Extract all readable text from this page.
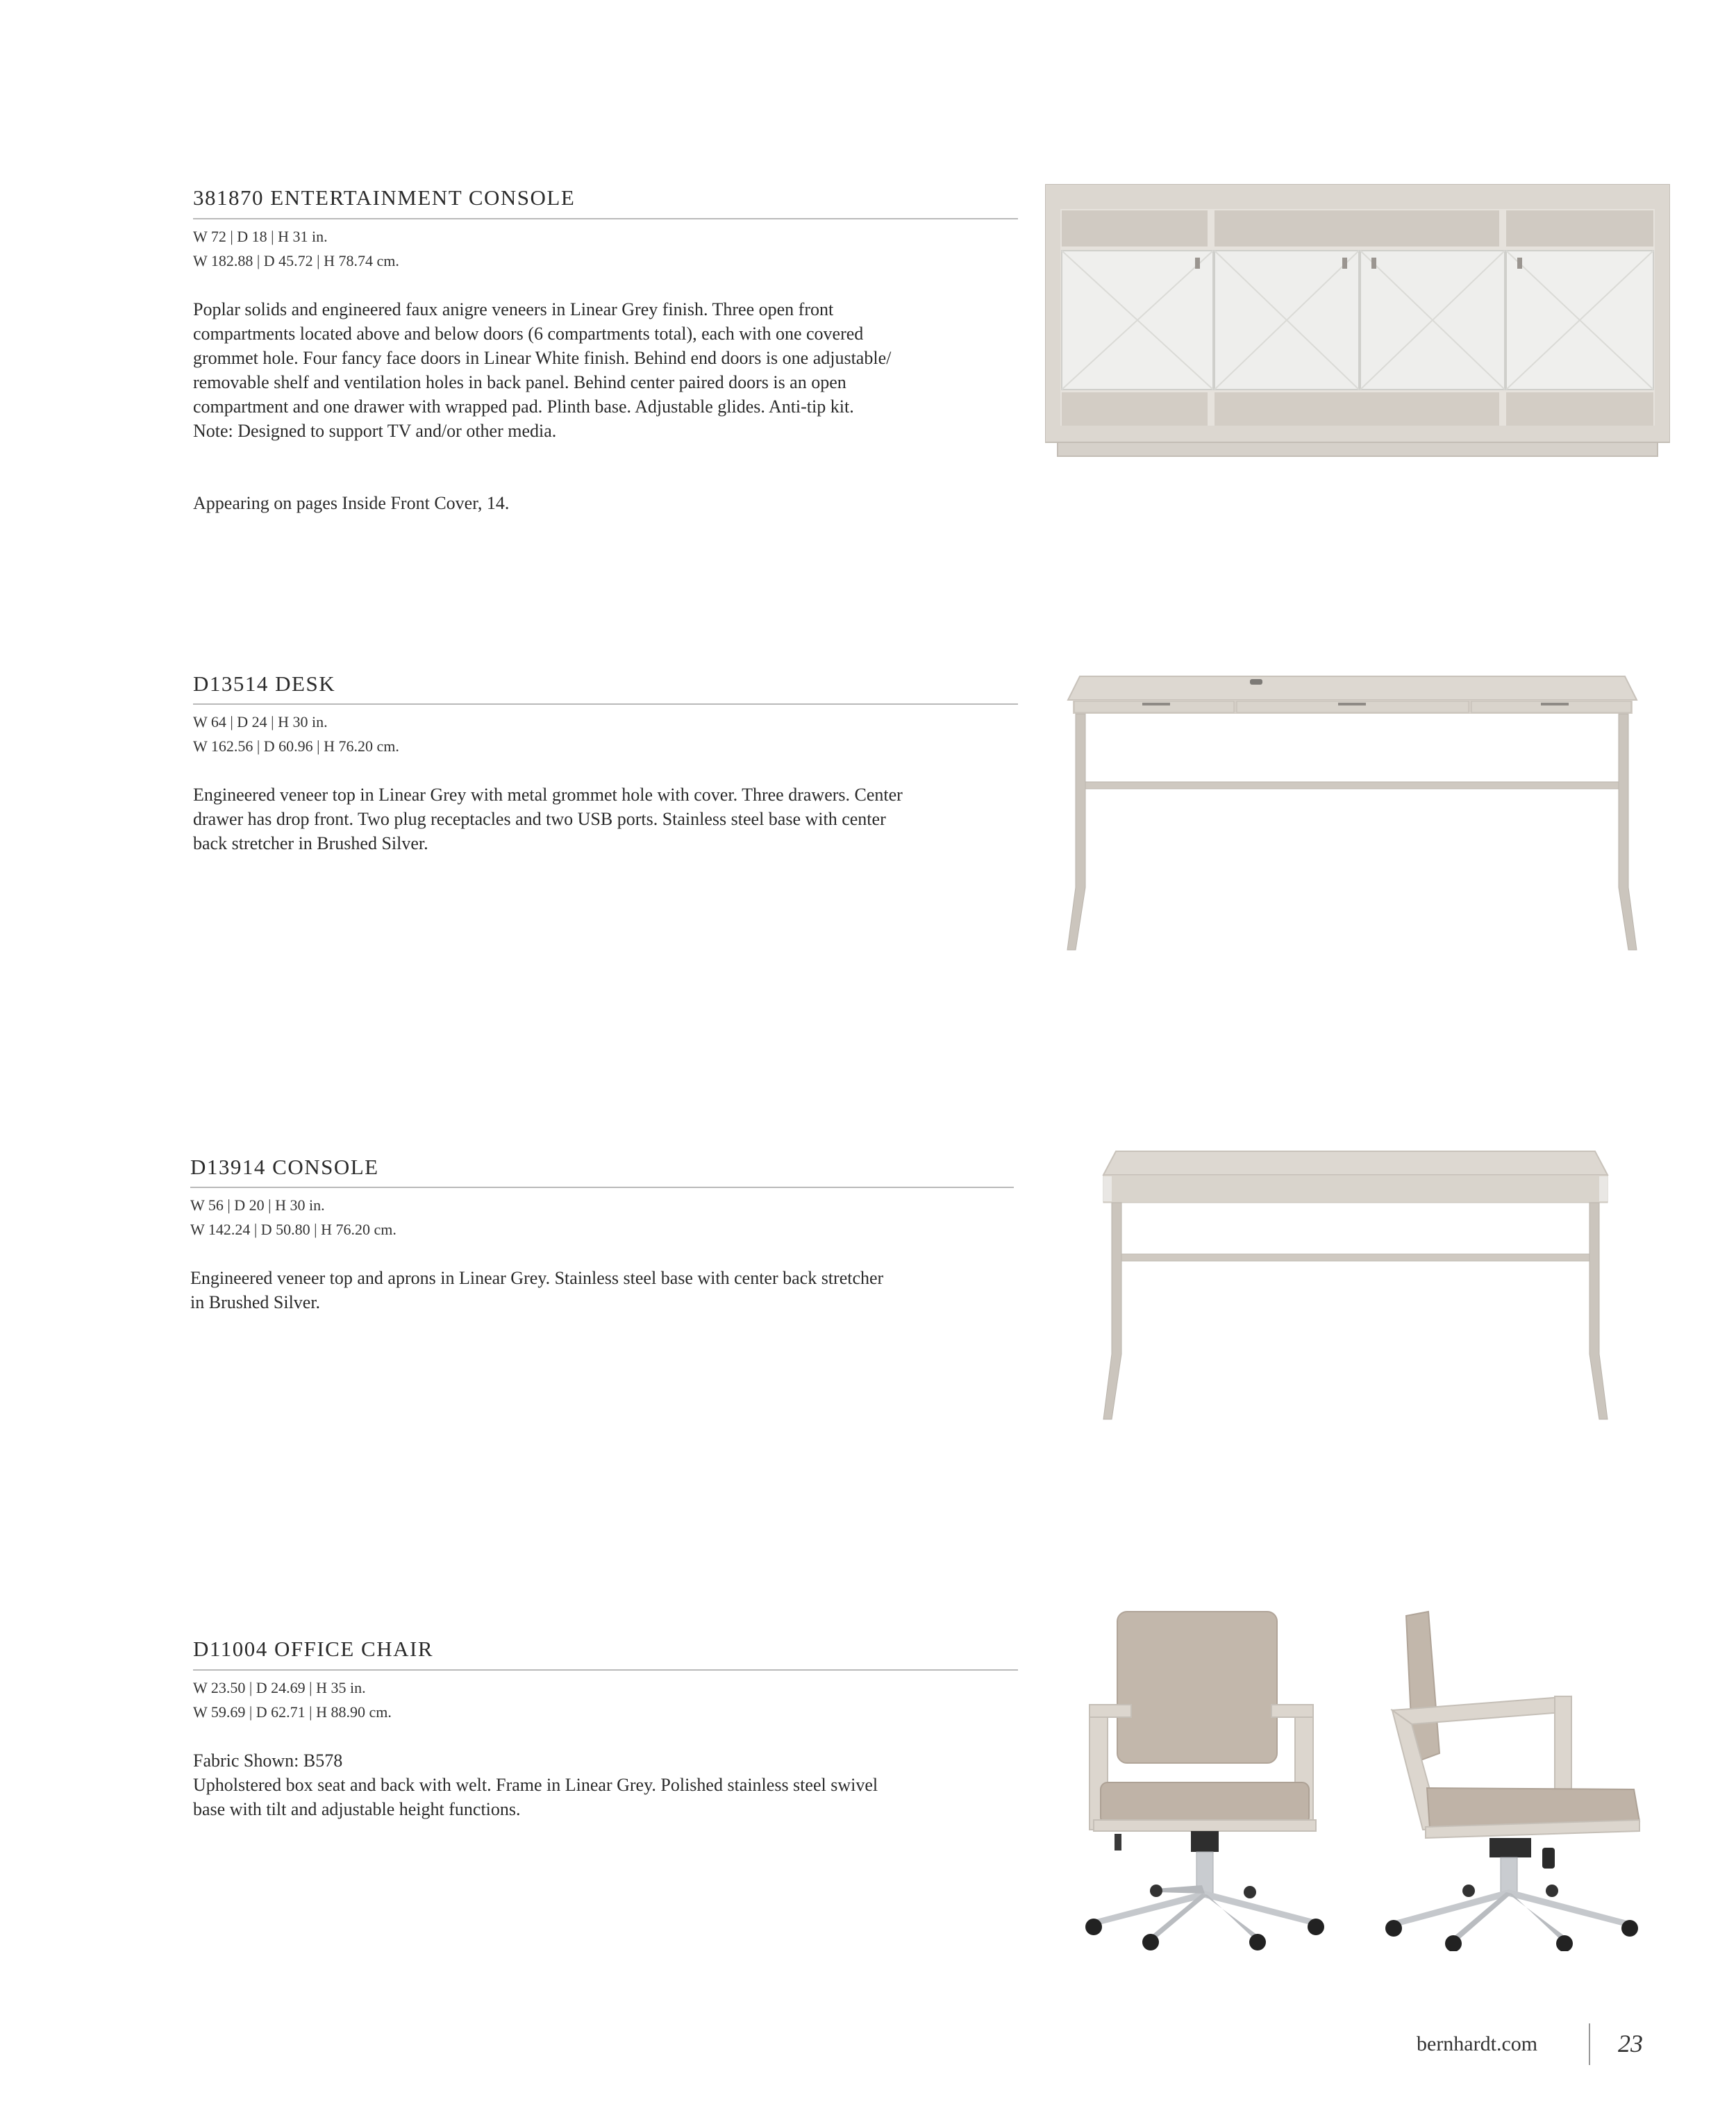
381870 ENTERTAINMENT CONSOLE
W 72 | D 18 | H 31 in.
W 182.88 | D 45.72 | H 78.74 cm.

Poplar solids and engineered faux anigre veneers in Linear Grey finish. Three open front

compartments located above and below doors (6 compartments total), each with one covered

grommet hole. Four fancy face doors in Linear White finish. Behind end doors is one adjustable/

removable shelf and ventilation holes in back panel. Behind center paired doors is an open

compartment and one drawer with wrapped pad. Plinth base. Adjustable glides. Anti-tip kit.

Note: Designed to support TV and/or other media.

Appearing on pages Inside Front Cover, 14.
D13514 DESK
W 64 | D 24 | H 30 in.
W 162.56 | D 60.96 | H 76.20 cm.

Engineered veneer top in Linear Grey with metal grommet hole with cover. Three drawers. Center

drawer has drop front. Two plug receptacles and two USB ports. Stainless steel base with center

back stretcher in Brushed Silver.

D13914 CONSOLE
W 56 | D 20 | H 30 in.
W 142.24 | D 50.80 | H 76.20 cm.

Engineered veneer top and aprons in Linear Grey. Stainless steel base with center back stretcher

in Brushed Silver.

D11004 OFFICE CHAIR
W 23.50 | D 24.69 | H 35 in.
W 59.69 | D 62.71 | H 88.90 cm.

Fabric Shown: B578

Upholstered box seat and back with welt. Frame in Linear Grey. Polished stainless steel swivel

base with tilt and adjustable height functions.

bernhardt.com	23
